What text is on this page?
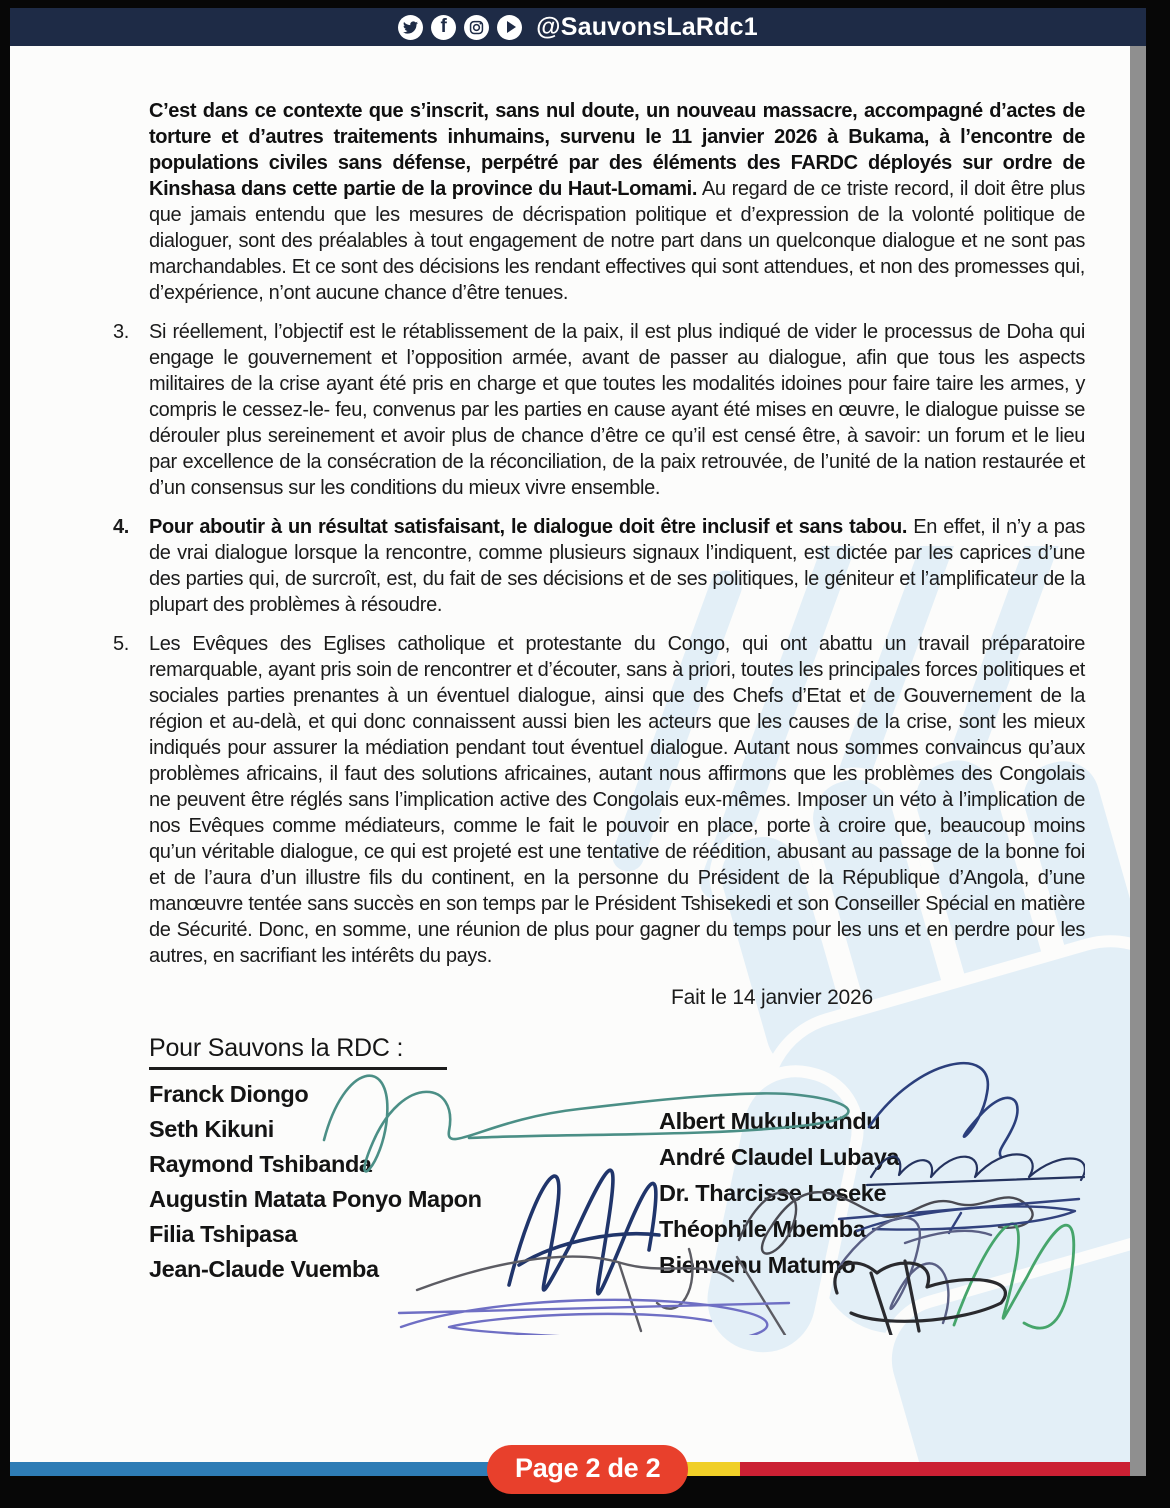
f	@SauvonsLaRdc1

C’est dans ce contexte que s’inscrit, sans nul doute, un nouveau massacre, accompagné d’actes de torture et d’autres traitements inhumains, survenu le 11 janvier 2026 à Bukama, à l’encontre de populations civiles sans défense, perpétré par des éléments des FARDC déployés sur ordre de Kinshasa dans cette partie de la province du Haut-Lomami. Au regard de ce triste record, il doit être plus que jamais entendu que les mesures de décrispation politique et d’expression de la volonté politique de dialoguer, sont des préalables à tout engagement de notre part dans un quelconque dialogue et ne sont pas marchandables. Et ce sont des décisions les rendant effectives qui sont attendues, et non des promesses qui, d’expérience, n’ont aucune chance d’être tenues.

3.	Si réellement, l’objectif est le rétablissement de la paix, il est plus indiqué de vider le processus de Doha qui engage le gouvernement et l’opposition armée, avant de passer au dialogue, afin que tous les aspects militaires de la crise ayant été pris en charge et que toutes les modalités idoines pour faire taire les armes, y compris le cessez-le- feu, convenus par les parties en cause ayant été mises en œuvre, le dialogue puisse se dérouler plus sereinement et avoir plus de chance d’être ce qu’il est censé être, à savoir: un forum et le lieu par excellence de la consécration de la réconciliation, de la paix retrouvée, de l’unité de la nation restaurée et d’un consensus sur les conditions du mieux vivre ensemble.

4.	Pour aboutir à un résultat satisfaisant, le dialogue doit être inclusif et sans tabou. En effet, il n’y a pas de vrai dialogue lorsque la rencontre, comme plusieurs signaux l’indiquent, est dictée par les caprices d’une des parties qui, de surcroît, est, du fait de ses décisions et de ses politiques, le géniteur et l’amplificateur de la plupart des problèmes à résoudre.

5.	Les Evêques des Eglises catholique et protestante du Congo, qui ont abattu un travail préparatoire remarquable, ayant pris soin de rencontrer et d’écouter, sans à priori, toutes les principales forces politiques et sociales parties prenantes à un éventuel dialogue, ainsi que des Chefs d’Etat et de Gouvernement de la région et au-delà, et qui donc connaissent aussi bien les acteurs que les causes de la crise, sont les mieux indiqués pour assurer la médiation pendant tout éventuel dialogue. Autant nous sommes convaincus qu’aux problèmes africains, il faut des solutions africaines, autant nous affirmons que les problèmes des Congolais ne peuvent être réglés sans l’implication active des Congolais eux-mêmes. Imposer un véto à l’implication de nos Evêques comme médiateurs, comme le fait le pouvoir en place, porte à croire que, beaucoup moins qu’un véritable dialogue, ce qui est projeté est une tentative de réédition, abusant au passage de la bonne foi et de l’aura d’un illustre fils du continent, en la personne du Président de la République d’Angola, d’une manœuvre tentée sans succès en son temps par le Président Tshisekedi et son Conseiller Spécial en matière de Sécurité. Donc, en somme, une réunion de plus pour gagner du temps pour les uns et en perdre pour les autres, en sacrifiant les intérêts du pays.

Fait le 14 janvier 2026
Pour Sauvons la RDC :
Franck Diongo
Seth Kikuni
Raymond Tshibanda
Augustin Matata Ponyo Mapon
Filia Tshipasa
Jean-Claude Vuemba
Albert Mukulubundu
André Claudel Lubaya
Dr. Tharcisse Loseke
Théophile Mbemba
Bienvenu Matumo
Page 2 de 2
